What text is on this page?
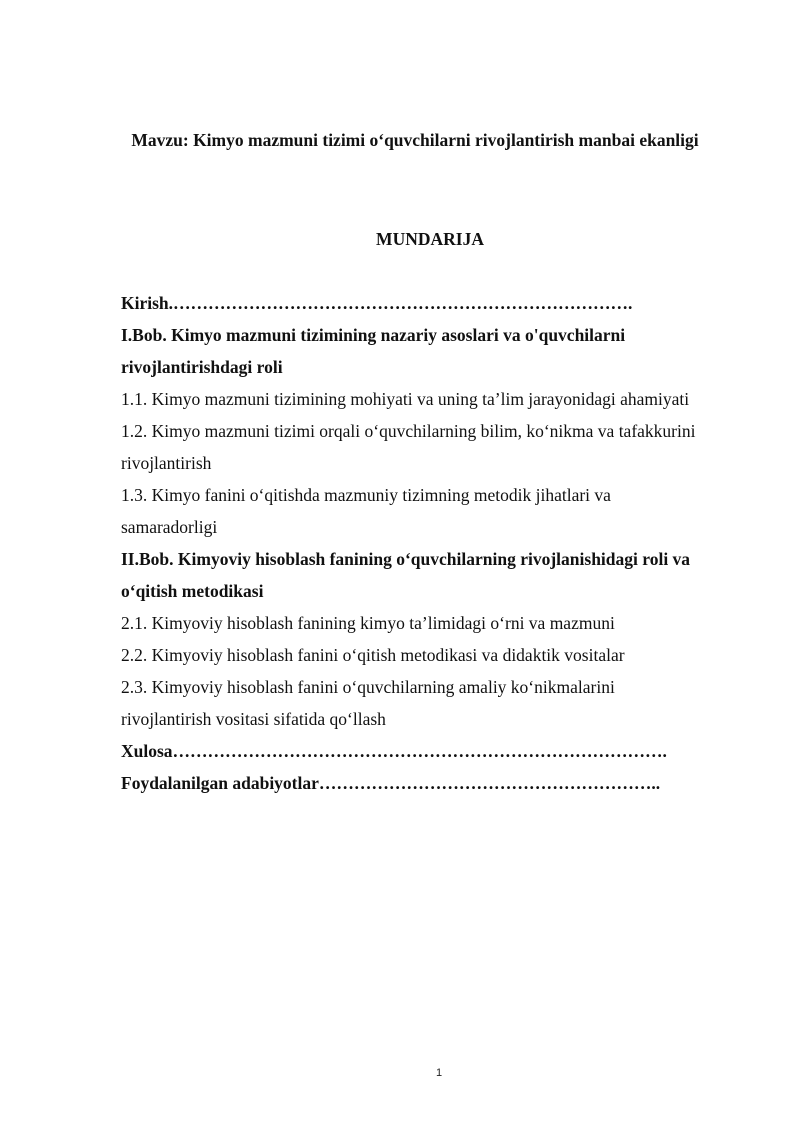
Mavzu: Kimyo mazmuni tizimi o‘quvchilarni rivojlantirish manbai ekanligi
MUNDARIJA
Kirish.…………………………………………………………………….
I.Bob. Kimyo mazmuni tizimining nazariy asoslari va o'quvchilarni
rivojlantirishdagi roli
1.1. Kimyo mazmuni tizimining mohiyati va uning ta’lim jarayonidagi ahamiyati
1.2. Kimyo mazmuni tizimi orqali o‘quvchilarning bilim, ko‘nikma va tafakkurini
rivojlantirish
1.3. Kimyo fanini o‘qitishda mazmuniy tizimning metodik jihatlari va
samaradorligi
II.Bob. Kimyoviy hisoblash fanining o‘quvchilarning rivojlanishidagi roli va
o‘qitish metodikasi
2.1. Kimyoviy hisoblash fanining kimyo ta’limidagi o‘rni va mazmuni
2.2. Kimyoviy hisoblash fanini o‘qitish metodikasi va didaktik vositalar
2.3. Kimyoviy hisoblash fanini o‘quvchilarning amaliy ko‘nikmalarini
rivojlantirish vositasi sifatida qo‘llash
Xulosa………………………………………………………………………….
Foydalanilgan adabiyotlar…………………………………………………..
1
